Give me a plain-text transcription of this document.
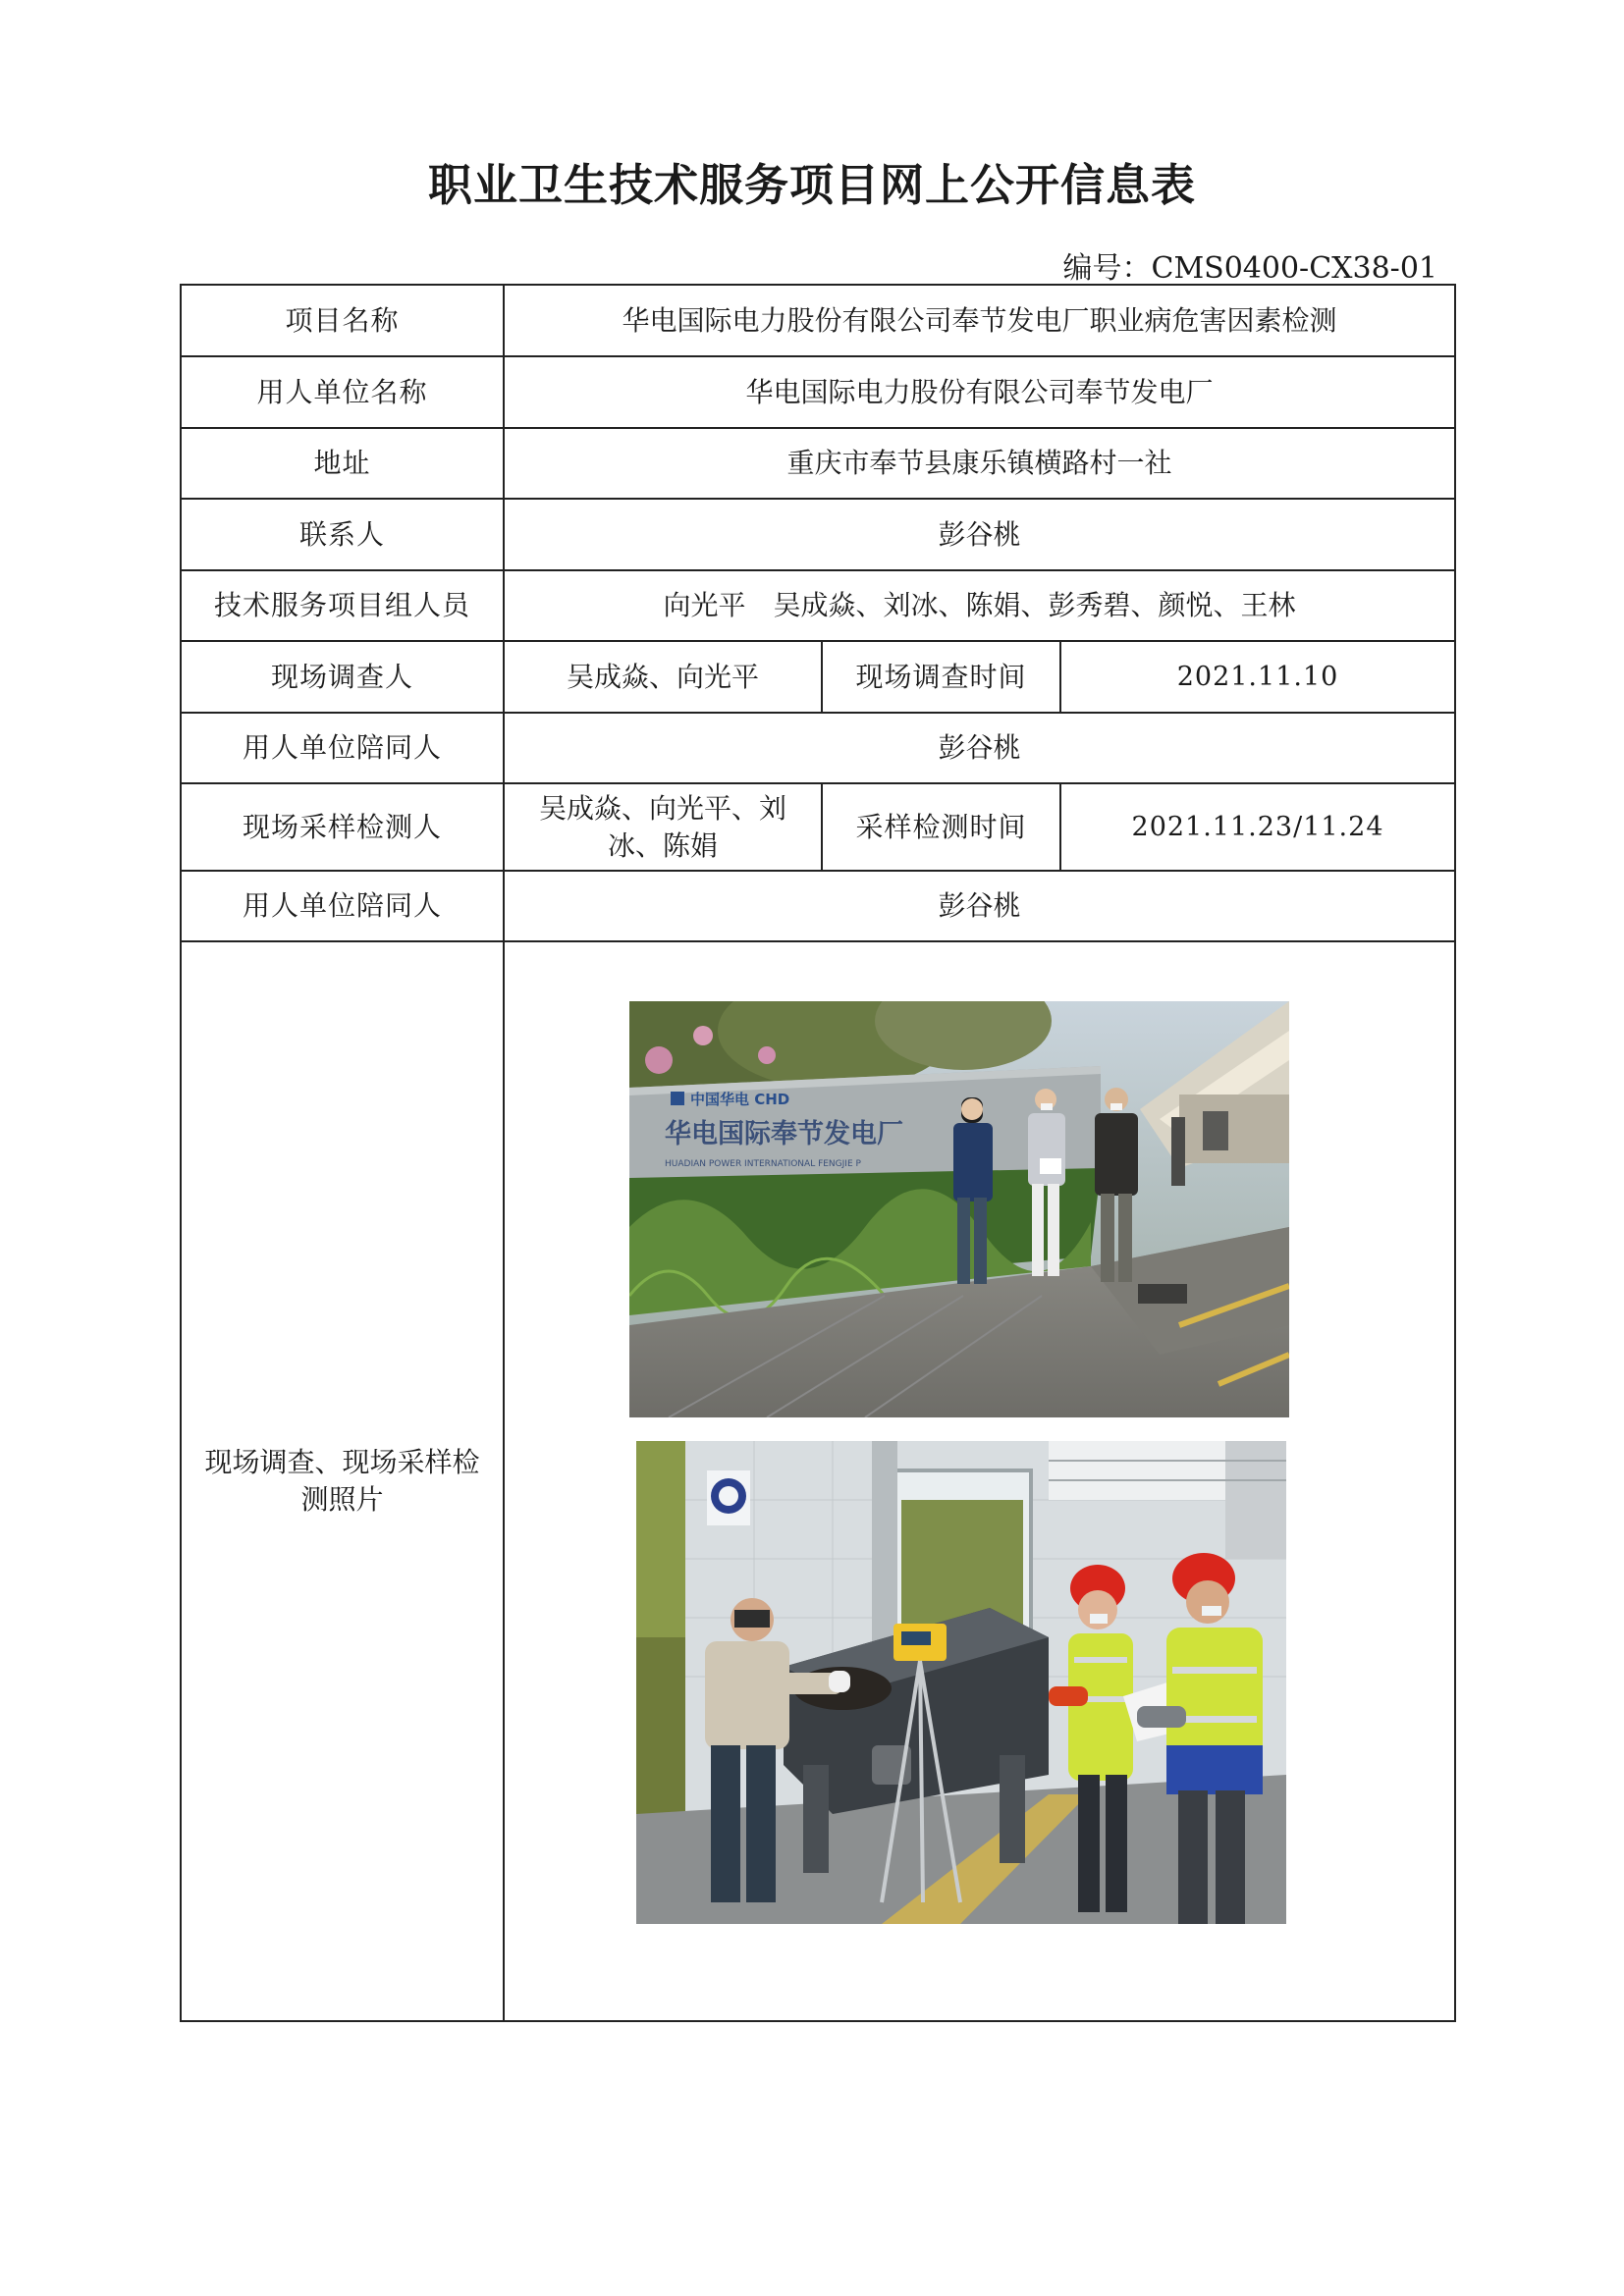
职业卫生技术服务项目网上公开信息表
编号：CMS0400-CX38-01
项目名称	华电国际电力股份有限公司奉节发电厂职业病危害因素检测		
用人单位名称	华电国际电力股份有限公司奉节发电厂		
地址	重庆市奉节县康乐镇横路村一社		
联系人	彭谷桃		
技术服务项目组人员	向光平　吴成焱、刘冰、陈娟、彭秀碧、颜悦、王林		
现场调查人	吴成焱、向光平	现场调查时间	2021.11.10
用人单位陪同人	彭谷桃		
现场采样检测人	吴成焱、向光平、刘冰、陈娟	采样检测时间	2021.11.23/11.24
用人单位陪同人	彭谷桃		
现场调查、现场采样检测照片	中国华电 CHD
华电国际奉节发电厂
HUADIAN POWER INTERNATIONAL FENGJIE P		
